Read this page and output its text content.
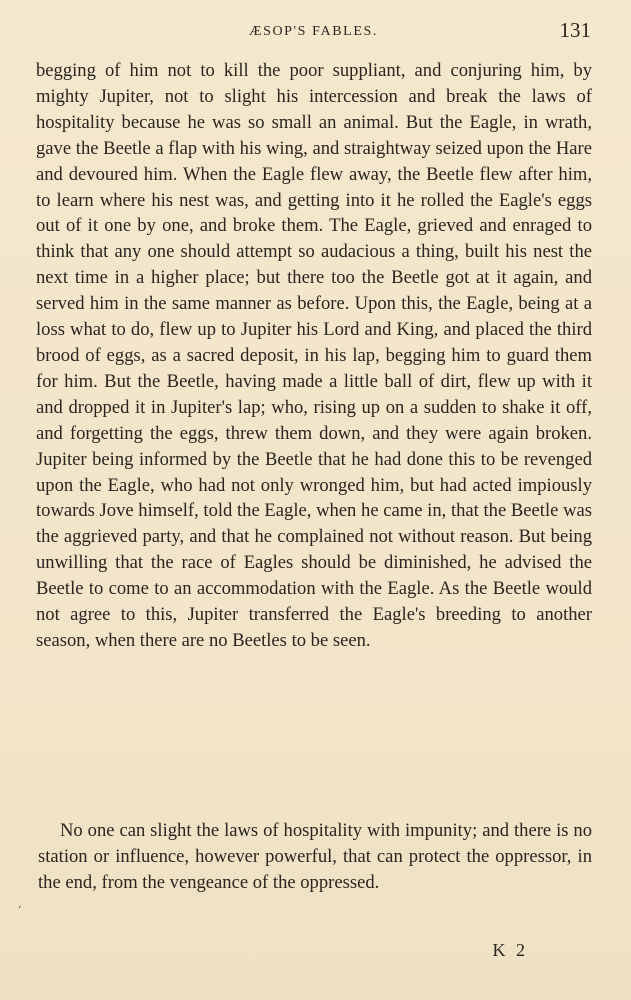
ÆSOP'S FABLES.	131

begging of him not to kill the poor suppliant, and conjuring him, by mighty Jupiter, not to slight his intercession and break the laws of hospitality because he was so small an animal. But the Eagle, in wrath, gave the Beetle a flap with his wing, and straightway seized upon the Hare and devoured him. When the Eagle flew away, the Beetle flew after him, to learn where his nest was, and getting into it he rolled the Eagle's eggs out of it one by one, and broke them. The Eagle, grieved and enraged to think that any one should attempt so audacious a thing, built his nest the next time in a higher place; but there too the Beetle got at it again, and served him in the same manner as before. Upon this, the Eagle, being at a loss what to do, flew up to Jupiter his Lord and King, and placed the third brood of eggs, as a sacred deposit, in his lap, begging him to guard them for him. But the Beetle, having made a little ball of dirt, flew up with it and dropped it in Jupiter's lap; who, rising up on a sudden to shake it off, and forgetting the eggs, threw them down, and they were again broken. Jupiter being informed by the Beetle that he had done this to be revenged upon the Eagle, who had not only wronged him, but had acted impiously towards Jove himself, told the Eagle, when he came in, that the Beetle was the aggrieved party, and that he complained not without reason. But being unwilling that the race of Eagles should be diminished, he advised the Beetle to come to an accommodation with the Eagle. As the Beetle would not agree to this, Jupiter transferred the Eagle's breeding to another season, when there are no Beetles to be seen.

No one can slight the laws of hospitality with impunity; and there is no station or influence, however powerful, that can protect the oppressor, in the end, from the vengeance of the oppressed.

‘
K 2
